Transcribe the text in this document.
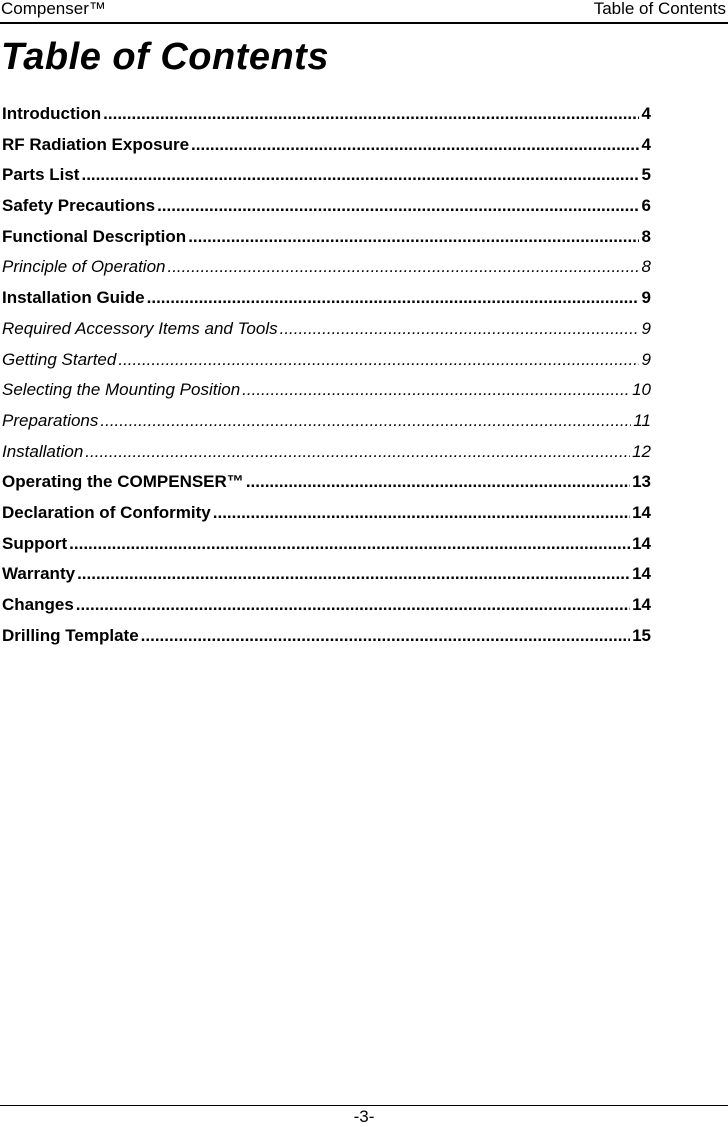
Compenser™	Table of Contents
Table of Contents
Introduction .....	4
RF Radiation Exposure .....	4
Parts List .....	5
Safety Precautions .....	6
Functional Description .....	8
Principle of Operation .....	8
Installation Guide .....	9
Required Accessory Items and Tools .....	9
Getting Started .....	9
Selecting the Mounting Position .....	10
Preparations .....	11
Installation .....	12
Operating the COMPENSER™ .....	13
Declaration of Conformity .....	14
Support .....	14
Warranty .....	14
Changes .....	14
Drilling Template .....	15
-3-
